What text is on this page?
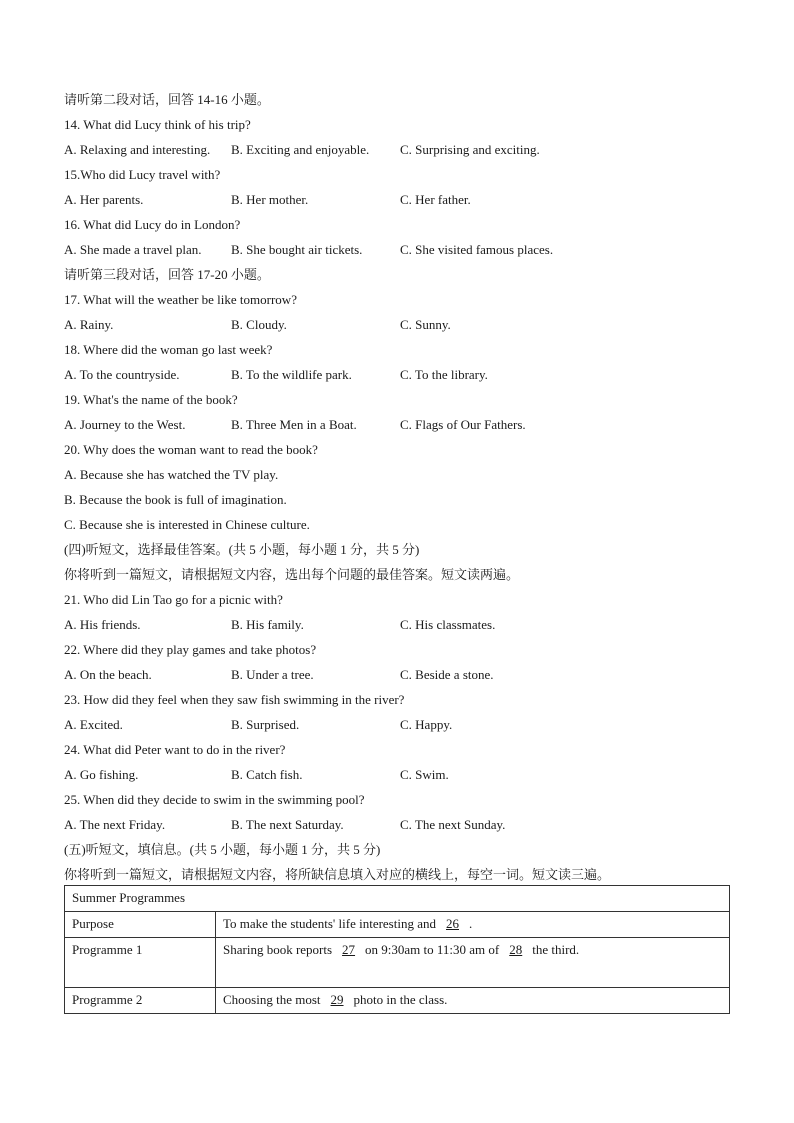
请听第二段对话，回答 14-16 小题。
14. What did Lucy think of his trip?
A. Relaxing and interesting. B. Exciting and enjoyable. C. Surprising and exciting.
15.Who did Lucy travel with?
A. Her parents.	B. Her mother.	C. Her father.
16. What did Lucy do in London?
A. She made a travel plan. B. She bought air tickets.	C. She visited famous places.
请听第三段对话，回答 17-20 小题。
17. What will the weather be like tomorrow?
A. Rainy.	B. Cloudy.	C. Sunny.
18. Where did the woman go last week?
A. To the countryside.	B. To the wildlife park.	C. To the library.
19. What's the name of the book?
A. Journey to the West.	B. Three Men in a Boat.	C. Flags of Our Fathers.
20. Why does the woman want to read the book?
A. Because she has watched the TV play.
B. Because the book is full of imagination.
C. Because she is interested in Chinese culture.
(四)听短文，选择最佳答案。(共 5 小题，每小题 1 分，共 5 分)
你将听到一篇短文，请根据短文内容，选出每个问题的最佳答案。短文读两遍。
21. Who did Lin Tao go for a picnic with?
A. His friends.	B. His family.	C. His classmates.
22. Where did they play games and take photos?
A. On the beach.	B. Under a tree.	C. Beside a stone.
23. How did they feel when they saw fish swimming in the river?
A. Excited.	B. Surprised.	C. Happy.
24. What did Peter want to do in the river?
A. Go fishing.	B. Catch fish.	C. Swim.
25. When did they decide to swim in the swimming pool?
A. The next Friday.	B. The next Saturday.	C. The next Sunday.
(五)听短文，填信息。(共 5 小题，每小题 1 分，共 5 分)
你将听到一篇短文，请根据短文内容，将所缺信息填入对应的横线上，每空一词。短文读三遍。
Summer Programmes	
Purpose	To make the students' life interesting and 26 .
Programme 1	Sharing book reports 27 on 9:30am to 11:30 am of 28 the third.
Programme 2	Choosing the most 29 photo in the class.
